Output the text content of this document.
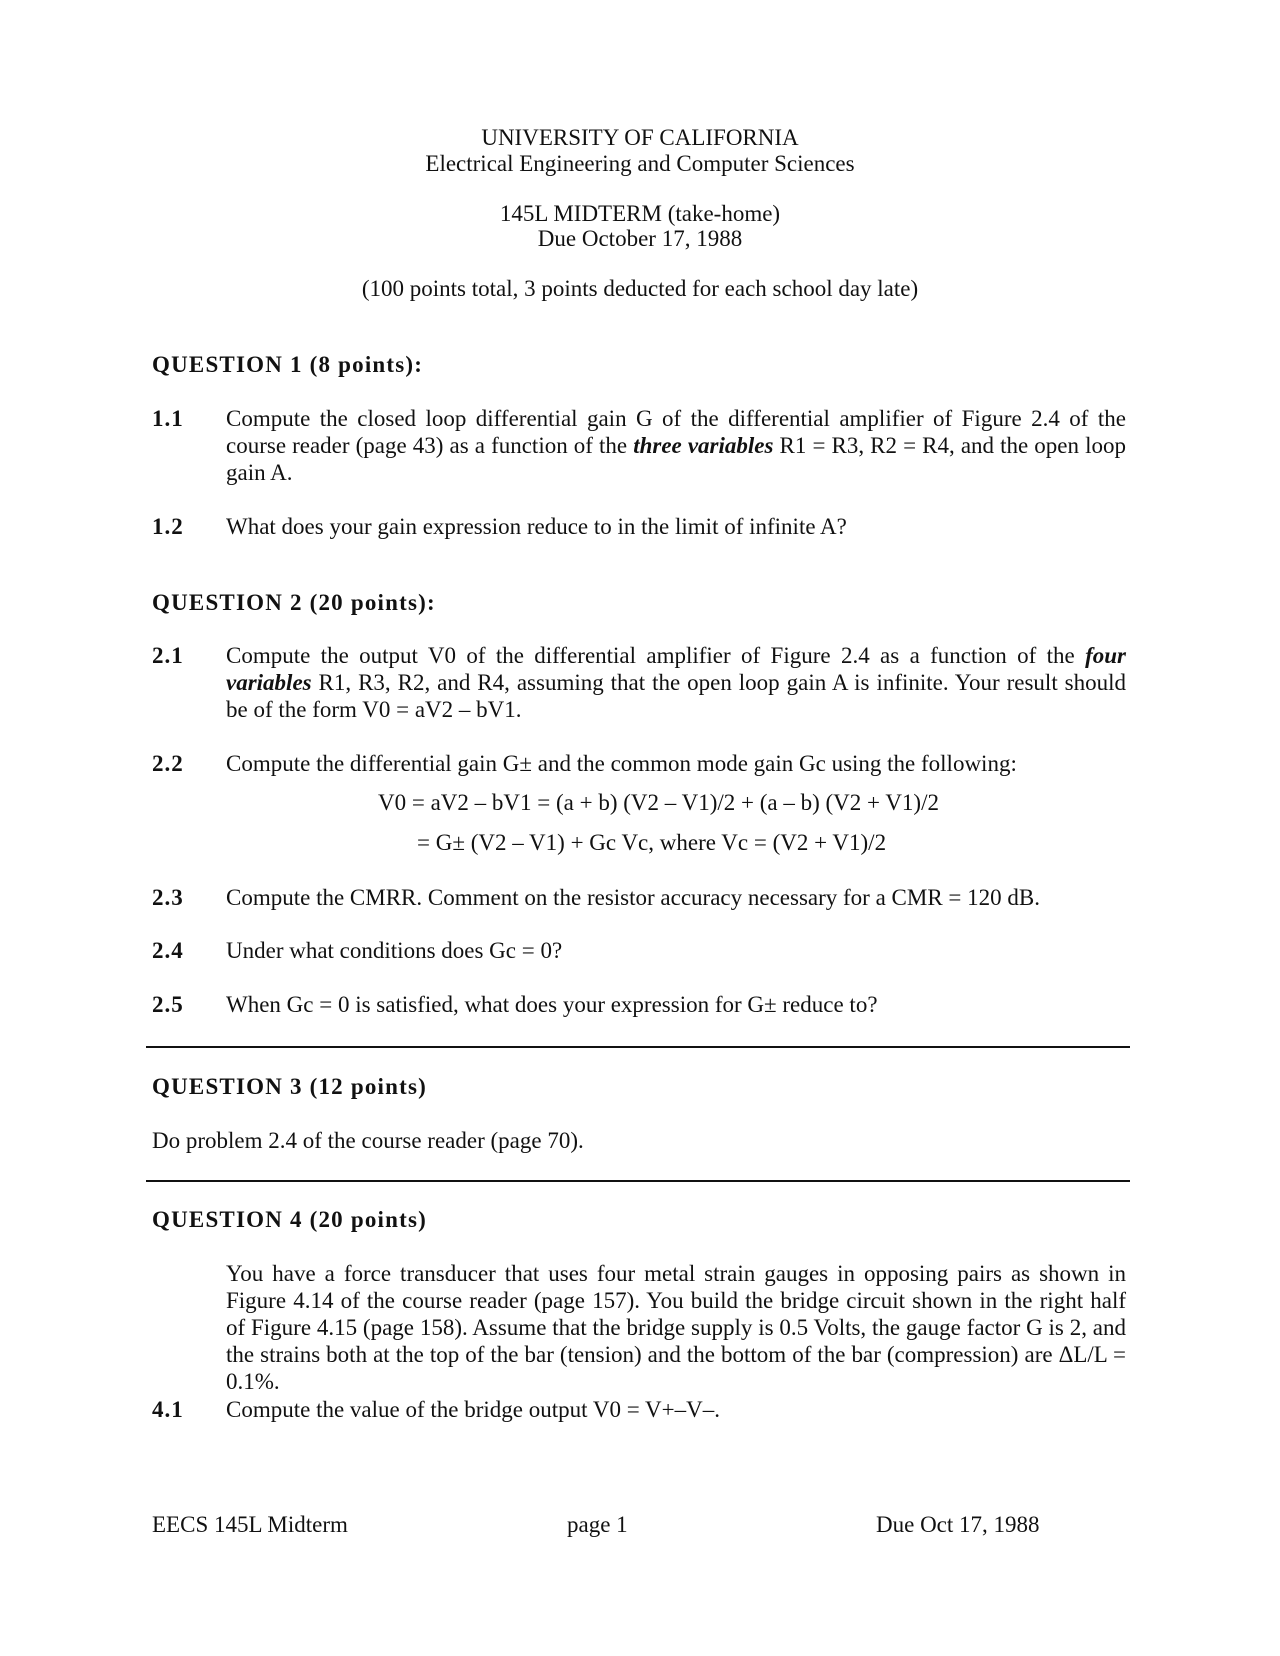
UNIVERSITY OF CALIFORNIA
Electrical Engineering and Computer Sciences
145L MIDTERM (take-home)
Due October 17, 1988
(100 points total, 3 points deducted for each school day late)
QUESTION 1 (8 points):
1.1 Compute the closed loop differential gain G of the differential amplifier of Figure 2.4 of the course reader (page 43) as a function of the three variables R1 = R3, R2 = R4, and the open loop gain A.
1.2 What does your gain expression reduce to in the limit of infinite A?
QUESTION 2 (20 points):
2.1 Compute the output V0 of the differential amplifier of Figure 2.4 as a function of the four variables R1, R3, R2, and R4, assuming that the open loop gain A is infinite. Your result should be of the form V0 = aV2 – bV1.
2.2 Compute the differential gain G± and the common mode gain Gc using the following:
V0 = aV2 – bV1 = (a + b) (V2 – V1)/2 + (a – b) (V2 + V1)/2
= G± (V2 – V1) + Gc Vc, where Vc = (V2 + V1)/2
2.3 Compute the CMRR. Comment on the resistor accuracy necessary for a CMR = 120 dB.
2.4 Under what conditions does Gc = 0?
2.5 When Gc = 0 is satisfied, what does your expression for G± reduce to?
QUESTION 3 (12 points)
Do problem 2.4 of the course reader (page 70).
QUESTION 4 (20 points)
You have a force transducer that uses four metal strain gauges in opposing pairs as shown in Figure 4.14 of the course reader (page 157). You build the bridge circuit shown in the right half of Figure 4.15 (page 158). Assume that the bridge supply is 0.5 Volts, the gauge factor G is 2, and the strains both at the top of the bar (tension) and the bottom of the bar (compression) are ΔL/L = 0.1%.
4.1 Compute the value of the bridge output V0 = V+–V–.
EECS 145L Midterm	page 1	Due Oct 17, 1988
